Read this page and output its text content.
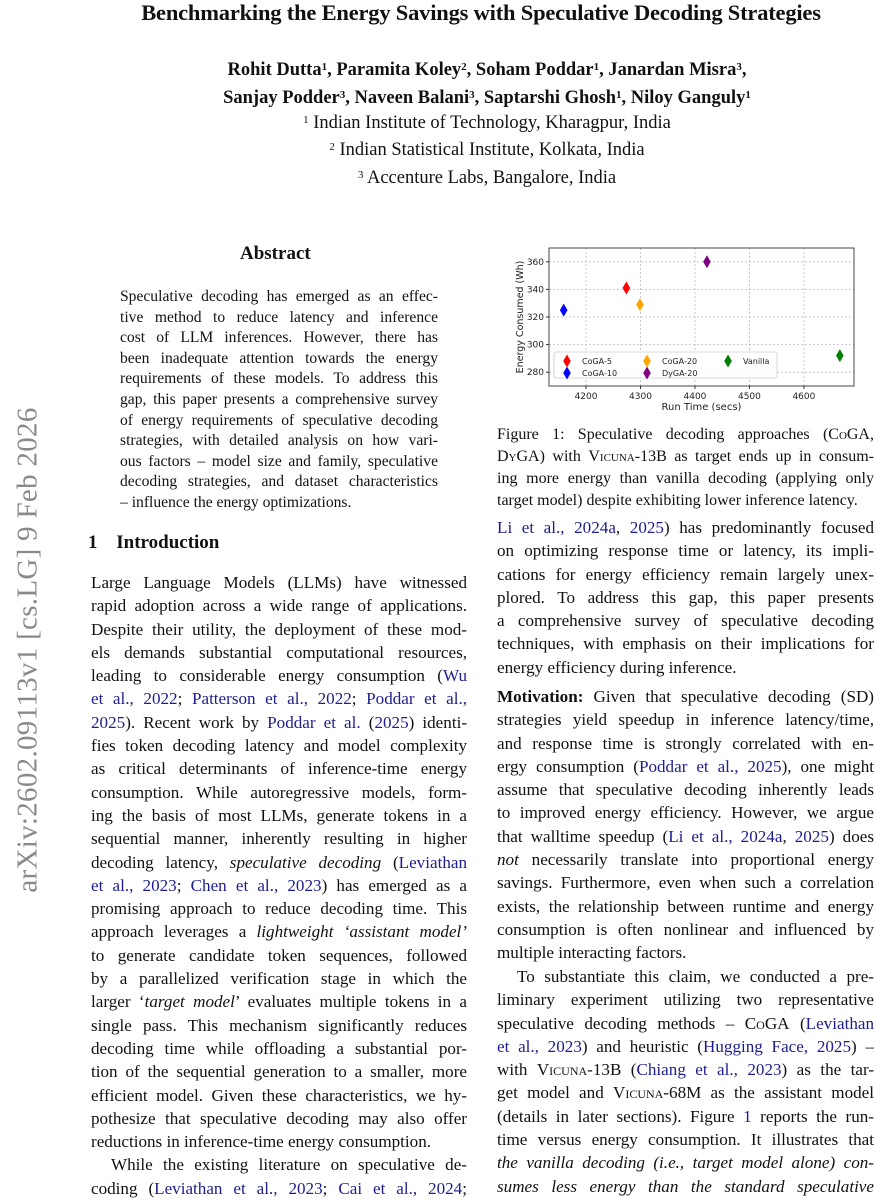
Benchmarking the Energy Savings with Speculative Decoding Strategies
Rohit Dutta$^1$, Paramita Koley$^2$, Soham Poddar$^1$, Janardan Misra$^3$,
Sanjay Podder$^3$, Naveen Balani$^3$, Saptarshi Ghosh$^1$, Niloy Ganguly$^1$
$^1$ Indian Institute of Technology, Kharagpur, India
$^2$ Indian Statistical Institute, Kolkata, India
$^3$ Accenture Labs, Bangalore, India
arXiv:2602.09113v1 [cs.LG] 9 Feb 2026
Abstract
Speculative decoding has emerged as an effec-
tive method to reduce latency and inference
cost of LLM inferences. However, there has
been inadequate attention towards the energy
requirements of these models. To address this
gap, this paper presents a comprehensive survey
of energy requirements of speculative decoding
strategies, with detailed analysis on how vari-
ous factors – model size and family, speculative
decoding strategies, and dataset characteristics
– influence the energy optimizations.
1 Introduction
Large Language Models (LLMs) have witnessed
rapid adoption across a wide range of applications.
Despite their utility, the deployment of these mod-
els demands substantial computational resources,
leading to considerable energy consumption (Wu
et al., 2022; Patterson et al., 2022; Poddar et al.,
2025). Recent work by Poddar et al. (2025) identi-
fies token decoding latency and model complexity
as critical determinants of inference-time energy
consumption. While autoregressive models, form-
ing the basis of most LLMs, generate tokens in a
sequential manner, inherently resulting in higher
decoding latency, speculative decoding (Leviathan
et al., 2023; Chen et al., 2023) has emerged as a
promising approach to reduce decoding time. This
approach leverages a lightweight ‘assistant model’
to generate candidate token sequences, followed
by a parallelized verification stage in which the
larger ‘target model’ evaluates multiple tokens in a
single pass. This mechanism significantly reduces
decoding time while offloading a substantial por-
tion of the sequential generation to a smaller, more
efficient model. Given these characteristics, we hy-
pothesize that speculative decoding may also offer
reductions in inference-time energy consumption.
While the existing literature on speculative de-
coding (Leviathan et al., 2023; Cai et al., 2024;
4200	4300	4400	4500	4600
280
300
320
340
360
Run Time (secs)
Energy Consumed (Wh)	CoGA-5
CoGA-10
CoGA-20
DyGA-20
Vanilla
Figure 1: Speculative decoding approaches (CoGA,
DyGA) with Vicuna-13B as target ends up in consum-
ing more energy than vanilla decoding (applying only
target model) despite exhibiting lower inference latency.
Li et al., 2024a, 2025) has predominantly focused
on optimizing response time or latency, its impli-
cations for energy efficiency remain largely unex-
plored. To address this gap, this paper presents
a comprehensive survey of speculative decoding
techniques, with emphasis on their implications for
energy efficiency during inference.
Motivation: Given that speculative decoding (SD)
strategies yield speedup in inference latency/time,
and response time is strongly correlated with en-
ergy consumption (Poddar et al., 2025), one might
assume that speculative decoding inherently leads
to improved energy efficiency. However, we argue
that walltime speedup (Li et al., 2024a, 2025) does
not necessarily translate into proportional energy
savings. Furthermore, even when such a correlation
exists, the relationship between runtime and energy
consumption is often nonlinear and influenced by
multiple interacting factors.
To substantiate this claim, we conducted a pre-
liminary experiment utilizing two representative
speculative decoding methods – CoGA (Leviathan
et al., 2023) and heuristic (Hugging Face, 2025) –
with Vicuna-13B (Chiang et al., 2023) as the tar-
get model and Vicuna-68M as the assistant model
(details in later sections). Figure 1 reports the run-
time versus energy consumption. It illustrates that
the vanilla decoding (i.e., target model alone) con-
sumes less energy than the standard speculative
